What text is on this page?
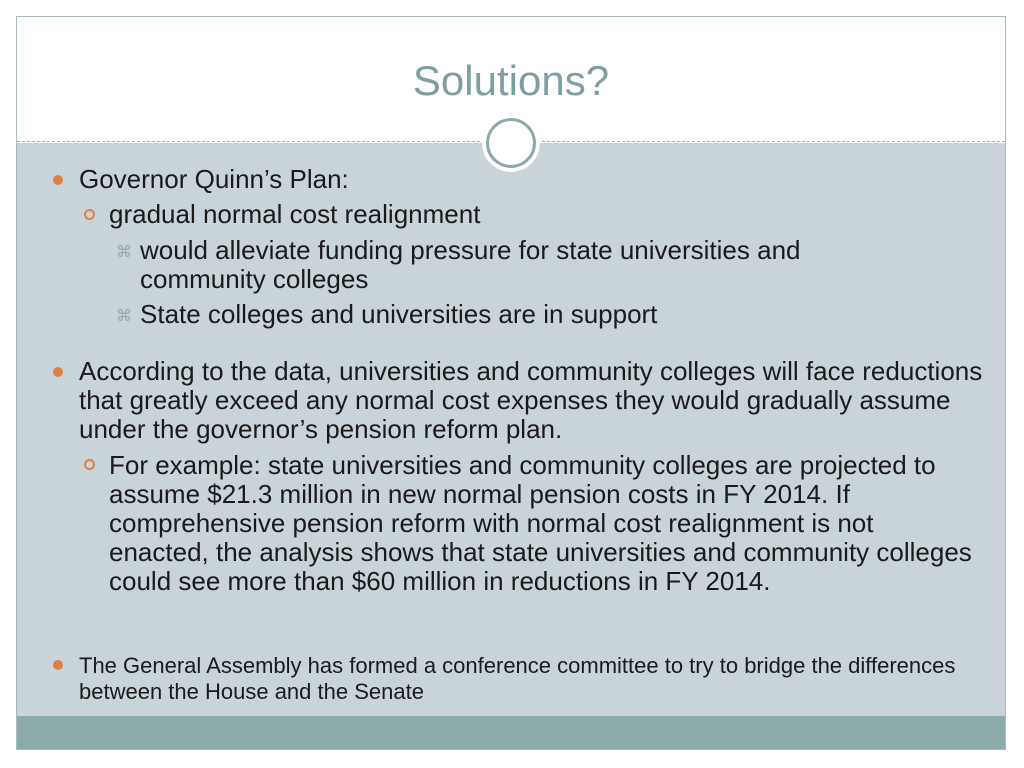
Solutions?
Governor Quinn’s Plan:
gradual normal cost realignment
⌘ would alleviate funding pressure for state universities and community colleges
⌘ State colleges and universities are in support
According to the data, universities and community colleges will face reductions that greatly exceed any normal cost expenses they would gradually assume under the governor’s pension reform plan.
For example: state universities and community colleges are projected to assume $21.3 million in new normal pension costs in FY 2014. If comprehensive pension reform with normal cost realignment is not enacted, the analysis shows that state universities and community colleges could see more than $60 million in reductions in FY 2014.
The General Assembly has formed a conference committee to try to bridge the differences between the House and the Senate
